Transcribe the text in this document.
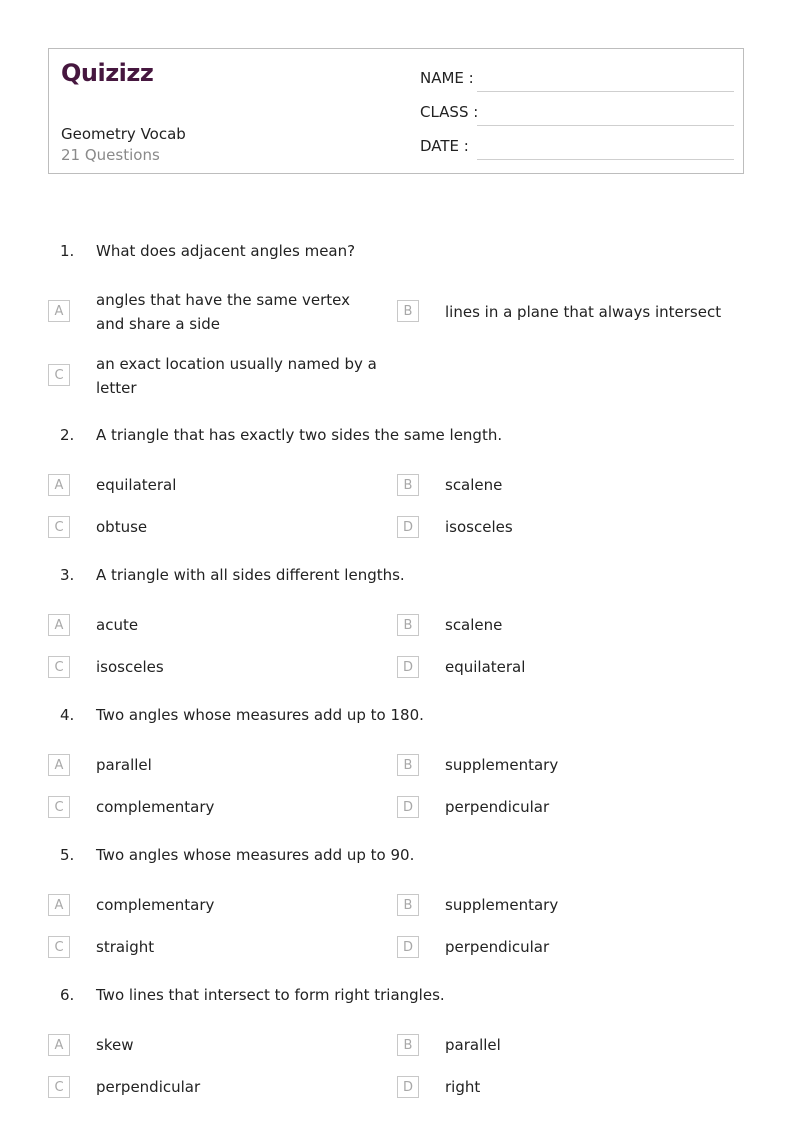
Quizizz
Geometry Vocab
21 Questions
NAME :
CLASS :
DATE :
1. What does adjacent angles mean?
A
angles that have the same vertex and share a side
B	lines in a plane that always intersect
C
an exact location usually named by a letter
2. A triangle that has exactly two sides the same length.
A	equilateral	B	scalene
C	obtuse	D	isosceles
3. A triangle with all sides different lengths.
A	acute	B	scalene
C	isosceles	D	equilateral
4. Two angles whose measures add up to 180.
A	parallel	B	supplementary
C	complementary	D	perpendicular
5. Two angles whose measures add up to 90.
A	complementary	B	supplementary
C	straight	D	perpendicular
6. Two lines that intersect to form right triangles.
A	skew	B	parallel
C	perpendicular	D	right
